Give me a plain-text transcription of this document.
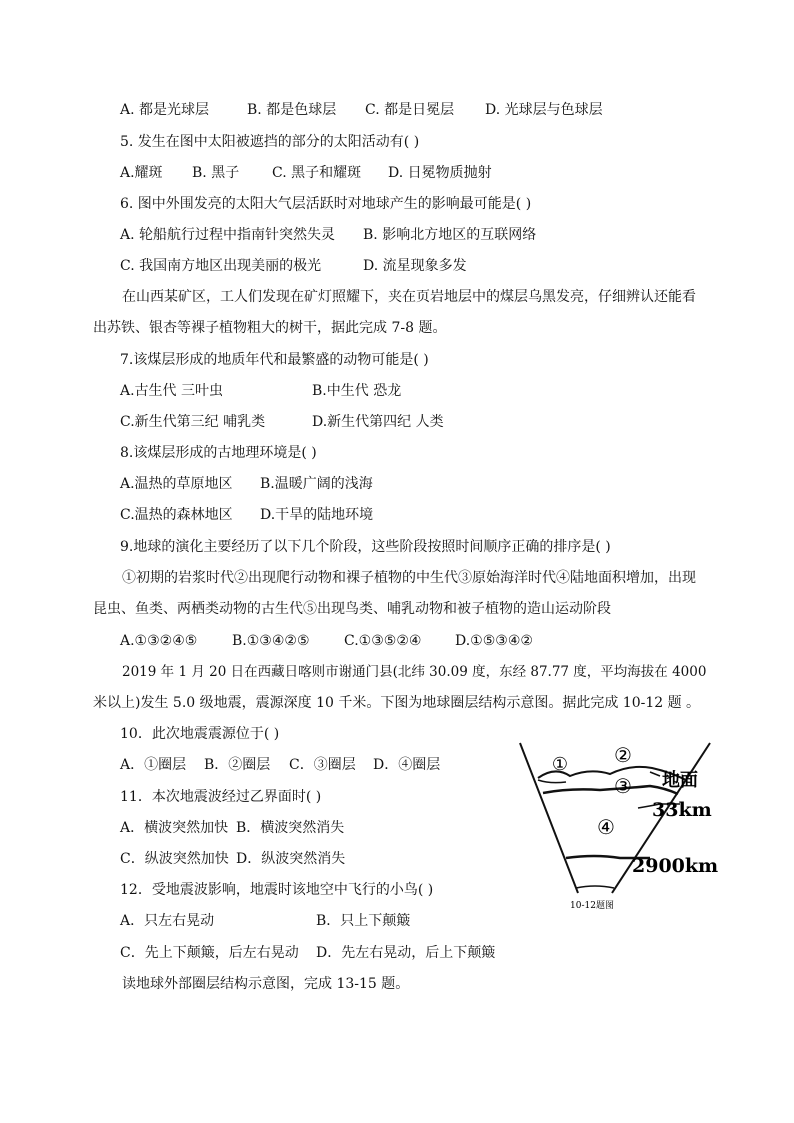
A. 都是光球层	B. 都是色球层 C. 都是日冕层 D. 光球层与色球层
5. 发生在图中太阳被遮挡的部分的太阳活动有( )
A.耀斑 B. 黑子 C. 黑子和耀斑 D. 日冕物质抛射
6. 图中外围发亮的太阳大气层活跃时对地球产生的影响最可能是( )
A. 轮船航行过程中指南针突然失灵 B. 影响北方地区的互联网络
C. 我国南方地区出现美丽的极光	D. 流星现象多发
在山西某矿区，工人们发现在矿灯照耀下，夹在页岩地层中的煤层乌黑发亮，仔细辨认还能看
出苏铁、银杏等裸子植物粗大的树干，据此完成 7-8 题。
7.该煤层形成的地质年代和最繁盛的动物可能是( )
A.古生代 三叶虫	B.中生代 恐龙
C.新生代第三纪 哺乳类	D.新生代第四纪 人类
8.该煤层形成的古地理环境是( )
A.温热的草原地区 B.温暖广阔的浅海
C.温热的森林地区 D.干旱的陆地环境
9.地球的演化主要经历了以下几个阶段，这些阶段按照时间顺序正确的排序是( )
①初期的岩浆时代②出现爬行动物和裸子植物的中生代③原始海洋时代④陆地面积增加，出现
昆虫、鱼类、两栖类动物的古生代⑤出现鸟类、哺乳动物和被子植物的造山运动阶段
A.①③②④⑤ B.①③④②⑤ C.①③⑤②④ D.①⑤③④②
2019 年 1 月 20 日在西藏日喀则市谢通门县(北纬 30.09 度，东经 87.77 度，平均海拔在 4000
米以上)发生 5.0 级地震，震源深度 10 千米。下图为地球圈层结构示意图。据此完成 10-12 题 。
10．此次地震震源位于( )
A．①圈层 B．②圈层 C．③圈层 D．④圈层
11．本次地震波经过乙界面时( )
A．横波突然加快 B．横波突然消失
C．纵波突然加快 D．纵波突然消失
12．受地震波影响，地震时该地空中飞行的小鸟( )
A．只左右晃动	B．只上下颠簸
C．先上下颠簸，后左右晃动 D．先左右晃动，后上下颠簸
读地球外部圈层结构示意图，完成 13-15 题。
① ②
③
④
地面
33km
2900km
10-12题图
